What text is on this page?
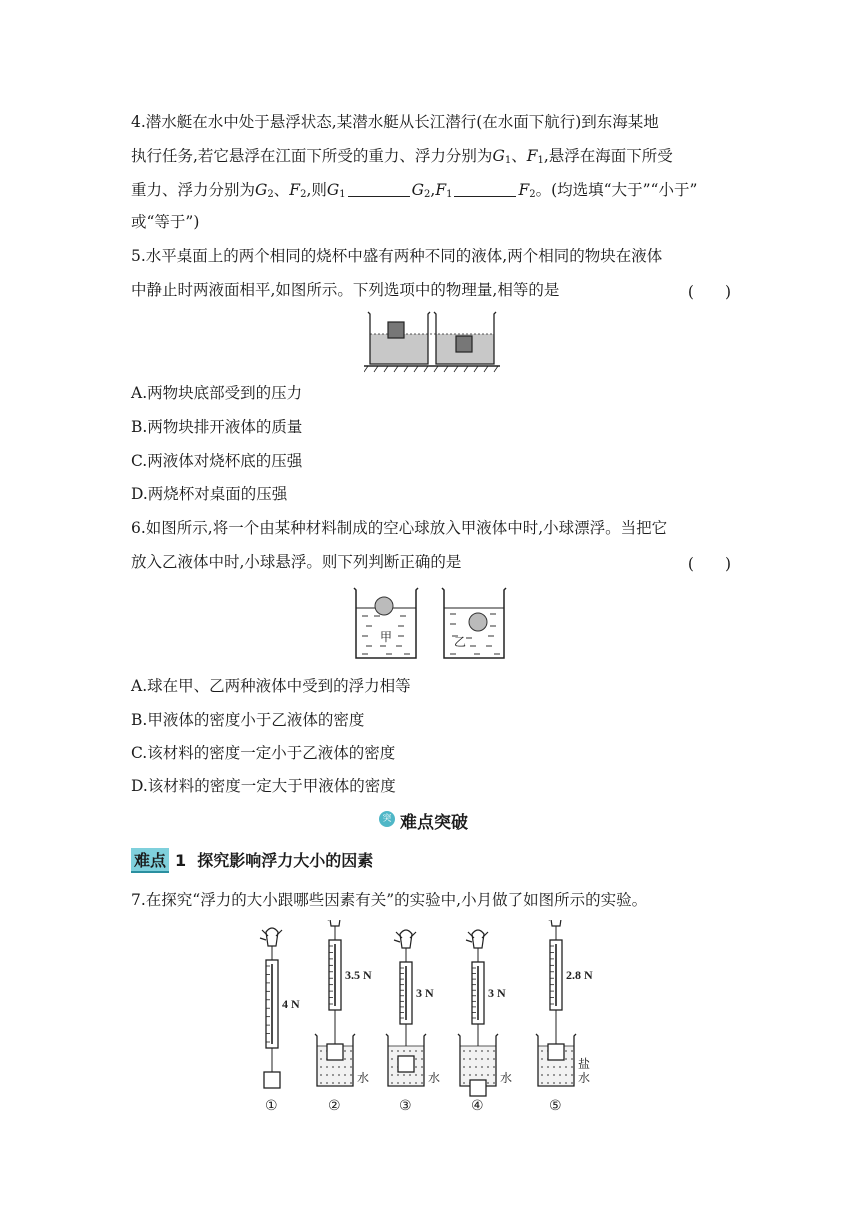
4.潜水艇在水中处于悬浮状态,某潜水艇从长江潜行(在水面下航行)到东海某地
执行任务,若它悬浮在江面下所受的重力、浮力分别为$G_1$、$F_1$,悬浮在海面下所受
重力、浮力分别为$G_2$、$F_2$,则$G_1$	$G_2,F_1$	$F_2$。(均选填“大于”“小于”
或“等于”)
5.水平桌面上的两个相同的烧杯中盛有两种不同的液体,两个相同的物块在液体
中静止时两液面相平,如图所示。下列选项中的物理量,相等的是	(　　)
A.两物块底部受到的压力
B.两物块排开液体的质量
C.两液体对烧杯底的压强
D.两烧杯对桌面的压强
6.如图所示,将一个由某种材料制成的空心球放入甲液体中时,小球漂浮。当把它
放入乙液体中时,小球悬浮。则下列判断正确的是	(　　)
甲	乙
A.球在甲、乙两种液体中受到的浮力相等
B.甲液体的密度小于乙液体的密度
C.该材料的密度一定小于乙液体的密度
D.该材料的密度一定大于甲液体的密度
突 难点突破
难点 1 探究影响浮力大小的因素
7.在探究“浮力的大小跟哪些因素有关”的实验中,小月做了如图所示的实验。
4 N
①
3.5 N
水
②
3 N
水
③
3 N
水
④
2.8 N
水
盐
⑤
